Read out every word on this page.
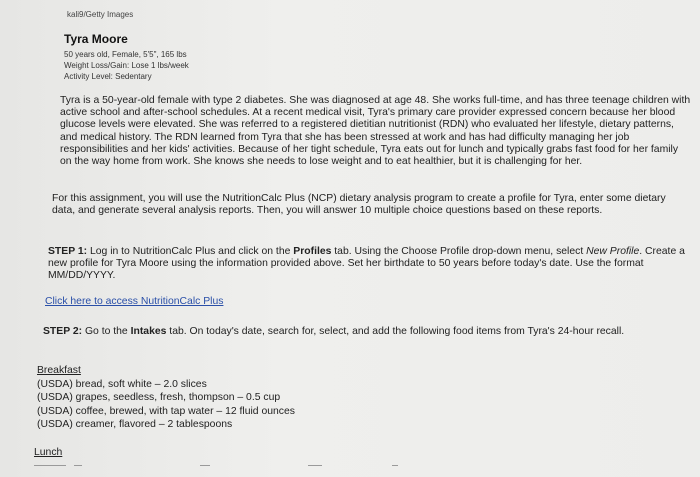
kali9/Getty Images
Tyra Moore
50 years old, Female, 5'5", 165 lbs
Weight Loss/Gain: Lose 1 lbs/week
Activity Level: Sedentary
Tyra is a 50-year-old female with type 2 diabetes. She was diagnosed at age 48. She works full-time, and has three teenage children with active school and after-school schedules. At a recent medical visit, Tyra's primary care provider expressed concern because her blood glucose levels were elevated. She was referred to a registered dietitian nutritionist (RDN) who evaluated her lifestyle, dietary patterns, and medical history. The RDN learned from Tyra that she has been stressed at work and has had difficulty managing her job responsibilities and her kids' activities. Because of her tight schedule, Tyra eats out for lunch and typically grabs fast food for her family on the way home from work. She knows she needs to lose weight and to eat healthier, but it is challenging for her.
For this assignment, you will use the NutritionCalc Plus (NCP) dietary analysis program to create a profile for Tyra, enter some dietary data, and generate several analysis reports. Then, you will answer 10 multiple choice questions based on these reports.
STEP 1: Log in to NutritionCalc Plus and click on the Profiles tab. Using the Choose Profile drop-down menu, select New Profile. Create a new profile for Tyra Moore using the information provided above. Set her birthdate to 50 years before today's date. Use the format MM/DD/YYYY.
Click here to access NutritionCalc Plus
STEP 2: Go to the Intakes tab. On today's date, search for, select, and add the following food items from Tyra's 24-hour recall.
Breakfast
(USDA) bread, soft white – 2.0 slices
(USDA) grapes, seedless, fresh, thompson – 0.5 cup
(USDA) coffee, brewed, with tap water – 12 fluid ounces
(USDA) creamer, flavored – 2 tablespoons
Lunch
